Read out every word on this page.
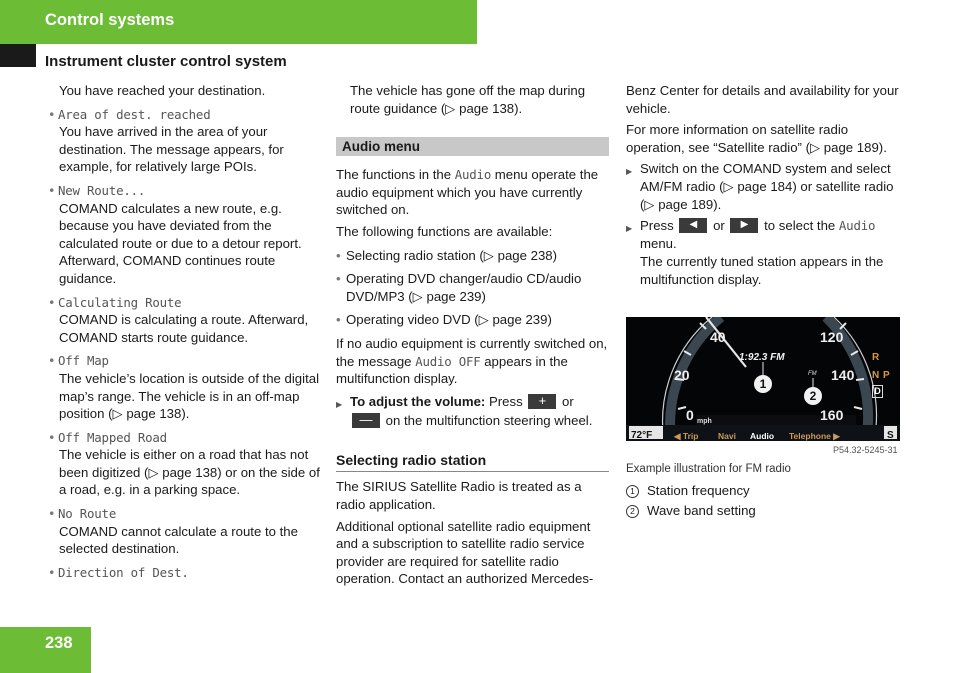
Control systems
Instrument cluster control system

You have reached your destination.

• Area of dest. reached

You have arrived in the area of your destination. The message appears, for example, for relatively large POIs.

• New Route...

COMAND calculates a new route, e.g. because you have deviated from the calculated route or due to a detour report. Afterward, COMAND continues route guidance.

• Calculating Route

COMAND is calculating a route. Afterward, COMAND starts route guidance.

• Off Map

The vehicle’s location is outside of the digital map’s range. The vehicle is in an off-map position (▷ page 138).

• Off Mapped Road

The vehicle is either on a road that has not been digitized (▷ page 138) or on the side of a road, e.g. in a parking space.

• No Route

COMAND cannot calculate a route to the selected destination.

• Direction of Dest.

The vehicle has gone off the map during route guidance (▷ page 138).

Audio menu

The functions in the Audio menu operate the audio equipment which you have currently switched on.

The following functions are available:

• Selecting radio station (▷ page 238)
• Operating DVD changer/audio CD/audio DVD/MP3 (▷ page 239)
• Operating video DVD (▷ page 239)

If no audio equipment is currently switched on, the message Audio OFF appears in the multifunction display.

▶ To adjust the volume: Press	+	or

— on the multifunction steering wheel.
Selecting radio station

The SIRIUS Satellite Radio is treated as a radio application.

Additional optional satellite radio equipment and a subscription to satellite radio service provider are required for satellite radio operation. Contact an authorized Mercedes-

Benz Center for details and availability for your vehicle.

For more information on satellite radio operation, see “Satellite radio” (▷ page 189).

▶ Switch on the COMAND system and select AM/FM radio (▷ page 184) or satellite radio (▷ page 189).
▶ Press	◀	or	▶	to select the Audio
menu.
The currently tuned station appears in the multifunction display.
40
20
0 mph
120
140
160
1:92.3 FM
FM
1
2
R
N P
D
72°F	◀ Trip Navi Audio Telephone ▶	S
P54.32-5245-31

Example illustration for FM radio

1 Station frequency

2 Wave band setting

238
